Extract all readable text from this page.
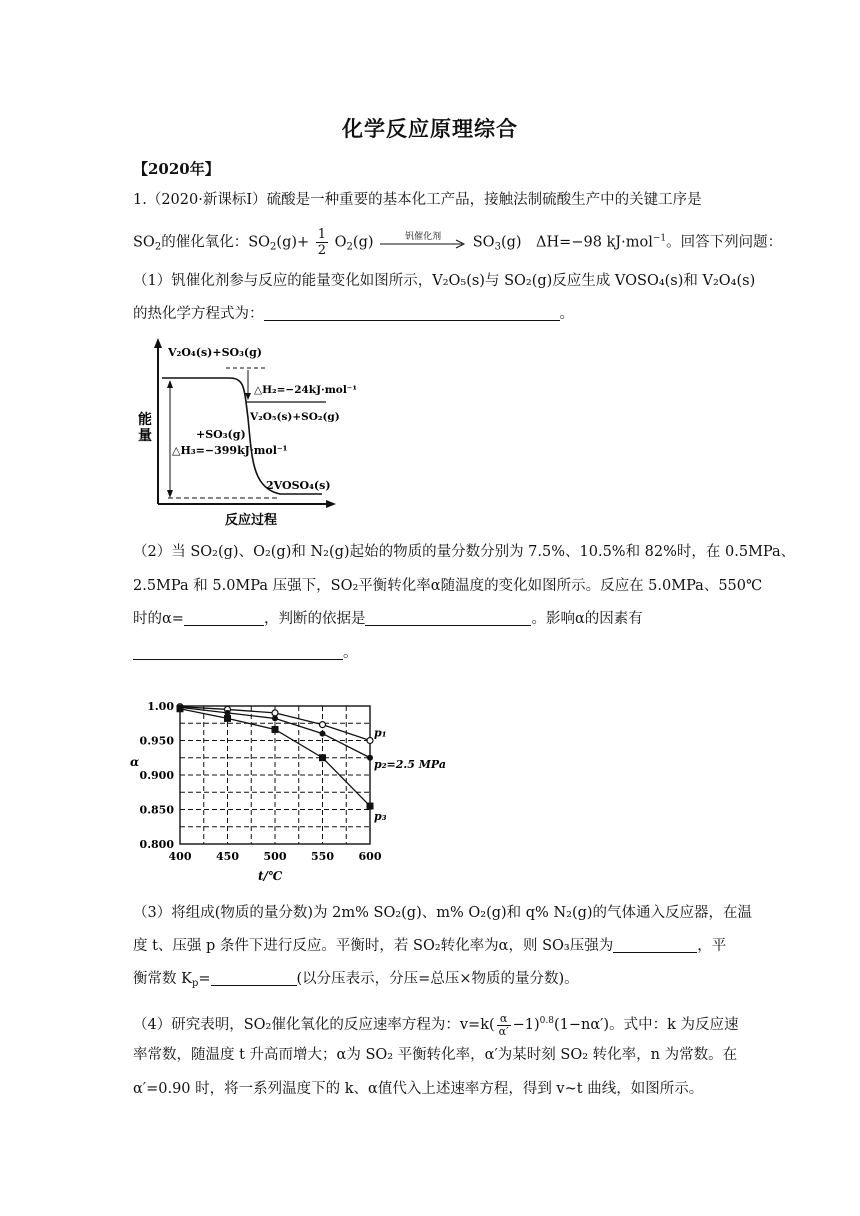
化学反应原理综合
【2020年】
1.（2020·新课标Ⅰ）硫酸是一种重要的基本化工产品，接触法制硫酸生产中的关键工序是
$SO_2$的催化氧化：$SO_2(g)+ \frac{1}{2} O_2(g)$	钒催化剂	$SO_3(g)$　ΔH=−98 kJ·mol$^{-1}$。回答下列问题：
（1）钒催化剂参与反应的能量变化如图所示，V₂O₅(s)与 SO₂(g)反应生成 VOSO₄(s)和 V₂O₄(s)
的热化学方程式为：	。
能
量
反应过程
V₂O₄(s)+SO₃(g)
△H₂=−24kJ·mol⁻¹
V₂O₅(s)+SO₂(g)
+SO₃(g)
△H₃=−399kJ·mol⁻¹
2VOSO₄(s)
（2）当 SO₂(g)、O₂(g)和 N₂(g)起始的物质的量分数分别为 7.5%、10.5%和 82%时，在 0.5MPa、
2.5MPa 和 5.0MPa 压强下，SO₂平衡转化率α随温度的变化如图所示。反应在 5.0MPa、550℃
时的α=	，判断的依据是	。影响α的因素有
。
p₁
p₂=2.5 MPa
p₃
1.00
0.950
0.900
0.850
0.800
400 450 500 550 600
α
t/℃
（3）将组成(物质的量分数)为 2m% SO₂(g)、m% O₂(g)和 q% N₂(g)的气体通入反应器，在温
度 t、压强 p 条件下进行反应。平衡时，若 SO₂转化率为α，则 SO₃压强为	，平
衡常数 $K_p=$	(以分压表示，分压=总压×物质的量分数)。
（4）研究表明，SO₂催化氧化的反应速率方程为：$v=k( \frac{\alpha}{\alpha'} -1)^{0.8}(1-n\alpha')$。式中：k 为反应速
率常数，随温度 t 升高而增大；α为 SO₂ 平衡转化率，α′为某时刻 SO₂ 转化率，n 为常数。在
α′=0.90 时，将一系列温度下的 k、α值代入上述速率方程，得到 v~t 曲线，如图所示。
